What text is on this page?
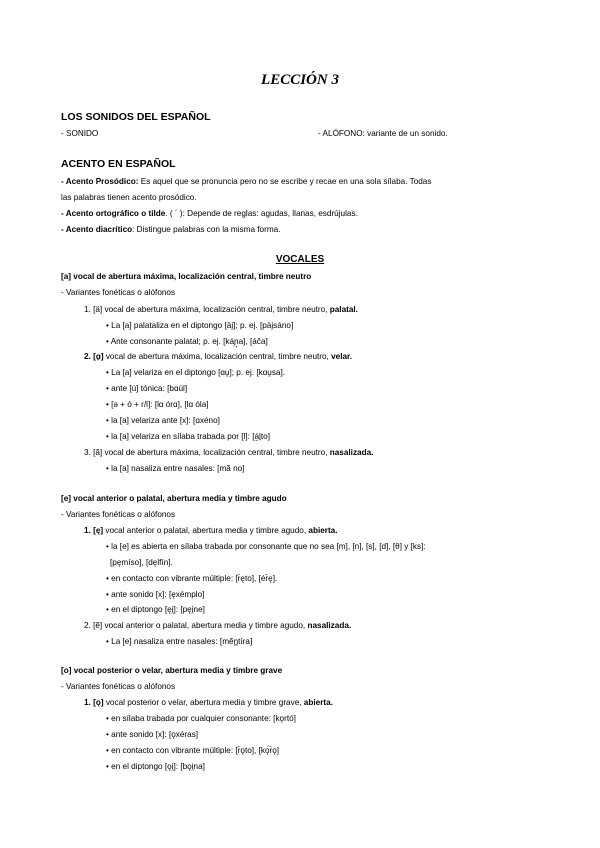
LECCIÓN 3
LOS SONIDOS DEL ESPAÑOL
- SONIDO	- ALÓFONO: variante de un sonido.
ACENTO EN ESPAÑOL
- Acento Prosódico: Es aquel que se pronuncia pero no se escribe y recae en una sola sílaba. Todas
las palabras tienen acento prosódico.
- Acento ortográfico o tilde. ( ´ ): Depende de reglas: agudas, llanas, esdrújulas.
- Acento diacrítico: Distingue palabras con la misma forma.
VOCALES
[a] vocal de abertura máxima, localización central, timbre neutro
- Variantes fonéticas o alófonos
1. [ä] vocal de abertura máxima, localización central, timbre neutro, palatal.
• La [a] palataliza en el diptongo [äi̯]; p. ej. [päi̯sáno]
• Ante consonante palatal; p. ej. [káɲ̟a], [áĉa]
2. [ɑ̱] vocal de abertura máxima, localización central, timbre neutro, velar.
• La [a] velariza en el diptongo [ɑu̯]; p. ej. [kɑu̯sa].
• ante [ú] tónica: [bɑúl]
• [ə + ó + r/l]: [lɑ órɑ], [lɑ óla]
• la [a] velariza ante [x]: [ɑxéno]
• la [a] velariza en sílaba trabada por [l]: [á̱l̟to]
3. [ã] vocal de abertura máxima, localización central, timbre neutro, nasalizada.
• la [a] nasaliza entre nasales: [mã no]
[e] vocal anterior o palatal, abertura media y timbre agudo
- Variantes fonéticas o alófonos
1. [ę] vocal anterior o palatal, abertura media y timbre agudo, abierta.
• la [e] es abierta en sílaba trabada por consonante que no sea [m], [n], [s], [d], [θ] y [ks]:
[pęmíso], [dęlfín].
• en contacto con vibrante múltiple: [r̄ęto], [ér̄ę].
• ante sonido [x]: [ęxémplo]
• en el diptongo [ęi̯]: [pęi̯ne]
2. [ẽ] vocal anterior o palatal, abertura media y timbre agudo, nasalizada.
• La [e] nasaliza entre nasales: [mẽn̪tíra]
[o] vocal posterior o velar, abertura media y timbre grave
- Variantes fonéticas o alófonos
1. [ǫ] vocal posterior o velar, abertura media y timbre grave, abierta.
• en sílaba trabada por cualquier consonante: [kǫrtó]
• ante sonido [x]: [ǫxéras]
• en contacto con vibrante múltiple: [r̄ǫto], [kǫ́r̄ǫ]
• en el diptongo [ǫi̯]: [bǫi̯na]
